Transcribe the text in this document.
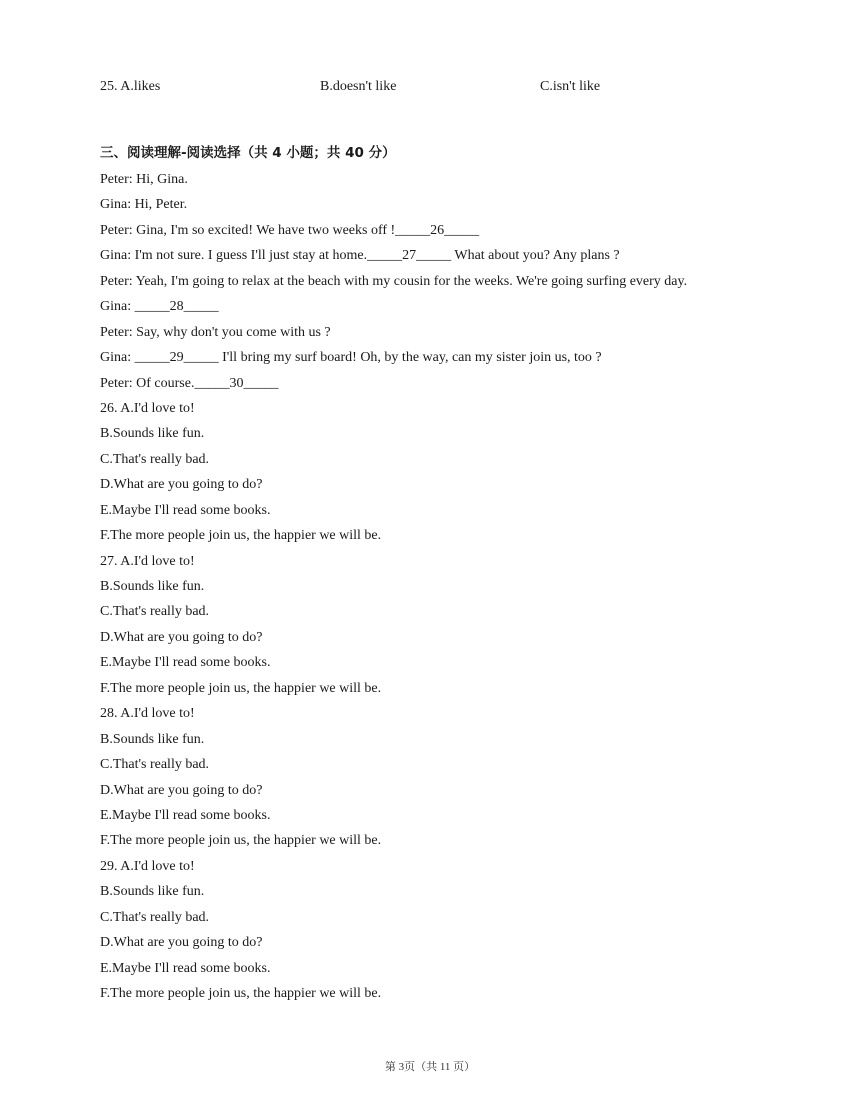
25. A.likes	B.doesn't like	C.isn't like
三、阅读理解-阅读选择（共 4 小题；共 40 分）
Peter: Hi, Gina.
Gina: Hi, Peter.
Peter: Gina, I'm so excited! We have two weeks off !_____26_____
Gina: I'm not sure. I guess I'll just stay at home._____27_____ What about you? Any plans ?
Peter: Yeah, I'm going to relax at the beach with my cousin for the weeks. We're going surfing every day.
Gina: _____28_____
Peter: Say, why don't you come with us ?
Gina: _____29_____ I'll bring my surf board! Oh, by the way, can my sister join us, too ?
Peter: Of course._____30_____
26. A.I'd love to!
B.Sounds like fun.
C.That's really bad.
D.What are you going to do?
E.Maybe I'll read some books.
F.The more people join us, the happier we will be.
27. A.I'd love to!
B.Sounds like fun.
C.That's really bad.
D.What are you going to do?
E.Maybe I'll read some books.
F.The more people join us, the happier we will be.
28. A.I'd love to!
B.Sounds like fun.
C.That's really bad.
D.What are you going to do?
E.Maybe I'll read some books.
F.The more people join us, the happier we will be.
29. A.I'd love to!
B.Sounds like fun.
C.That's really bad.
D.What are you going to do?
E.Maybe I'll read some books.
F.The more people join us, the happier we will be.
第 3页（共 11 页）
